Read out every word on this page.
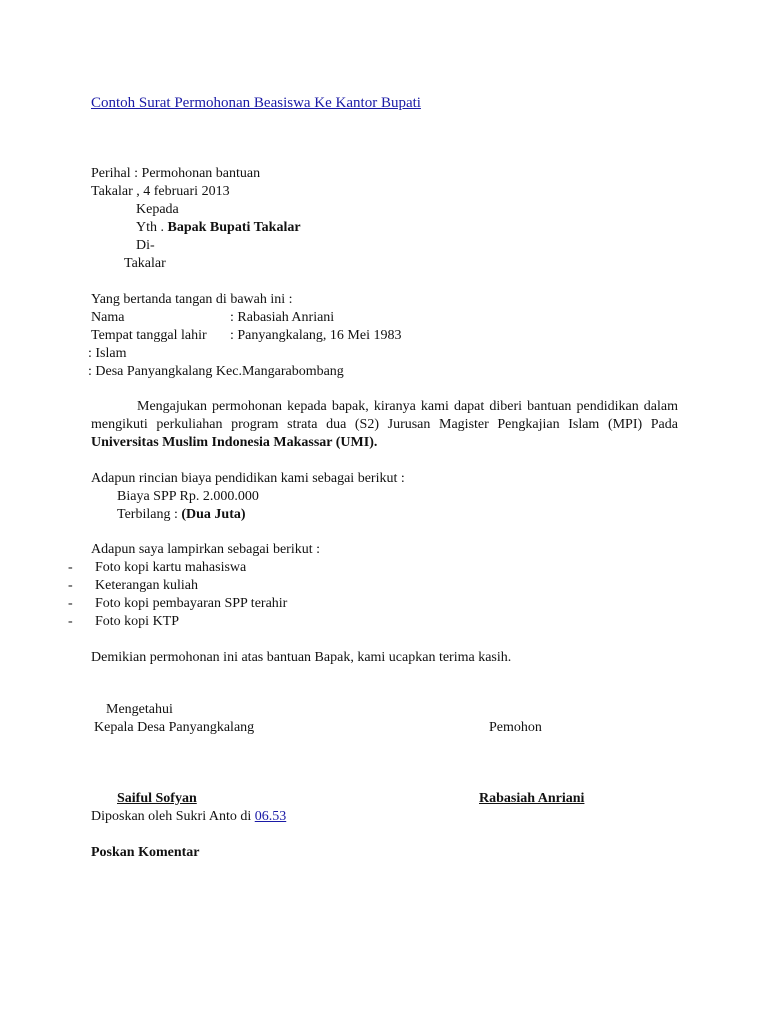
Contoh Surat Permohonan Beasiswa Ke Kantor Bupati
Perihal : Permohonan bantuan
Takalar , 4 februari 2013
Kepada
Yth . Bapak Bupati Takalar
Di-
Takalar
Yang bertanda tangan di bawah ini :
Nama	: Rabasiah Anriani
Tempat tanggal lahir : Panyangkalang, 16 Mei 1983
: Islam
: Desa Panyangkalang Kec.Mangarabombang
Mengajukan permohonan kepada bapak, kiranya kami dapat diberi bantuan pendidikan dalam mengikuti perkuliahan program strata dua (S2) Jurusan Magister Pengkajian Islam (MPI) Pada Universitas Muslim Indonesia Makassar (UMI).
Adapun rincian biaya pendidikan kami sebagai berikut :
Biaya SPP Rp. 2.000.000
Terbilang : (Dua Juta)
Adapun saya lampirkan sebagai berikut :
- Foto kopi kartu mahasiswa
- Keterangan kuliah
- Foto kopi pembayaran SPP terahir
- Foto kopi KTP
Demikian permohonan ini atas bantuan Bapak, kami ucapkan terima kasih.
Mengetahui
Kepala Desa Panyangkalang	Pemohon
Saiful Sofyan	Rabasiah Anriani
Diposkan oleh Sukri Anto di 06.53
Poskan Komentar
